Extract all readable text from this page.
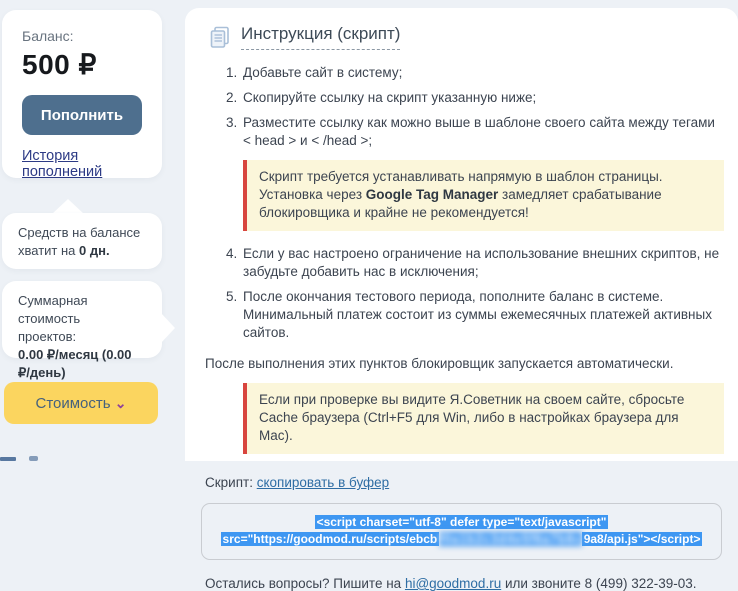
Баланс:
500 ₽
Пополнить
История пополнений
Средств на балансе хватит на 0 дн.
Суммарная стоимость
проектов:
0.00 ₽/месяц (0.00 ₽/день)
Стоимость ⌄
Инструкция (скрипт)
1. Добавьте сайт в систему;
2. Скопируйте ссылку на скрипт указанную ниже;
3. Разместите ссылку как можно выше в шаблоне своего сайта между тегами < head > и < /head >;
Скрипт требуется устанавливать напрямую в шаблон страницы. Установка через Google Tag Manager замедляет срабатывание блокировщика и крайне не рекомендуется!
4. Если у вас настроено ограничение на использование внешних скриптов, не забудьте добавить нас в исключения;
5. После окончания тестового периода, пополните баланс в системе. Минимальный платеж состоит из суммы ежемесячных платежей активных сайтов.
После выполнения этих пунктов блокировщик запускается автоматически.
Если при проверке вы видите Я.Советник на своем сайте, сбросьте Cache браузера (Ctrl+F5 для Win, либо в настройках браузера для Mac).
Скрипт: скопировать в буфер
<script charset="utf-8" defer type="text/javascript"
src="https://goodmod.ru/scripts/ebcb f0a1b2c3d4e5f6a7b8c 9a8/api.js"></script>
Остались вопросы? Пишите на hi@goodmod.ru или звоните 8 (499) 322-39-03.
